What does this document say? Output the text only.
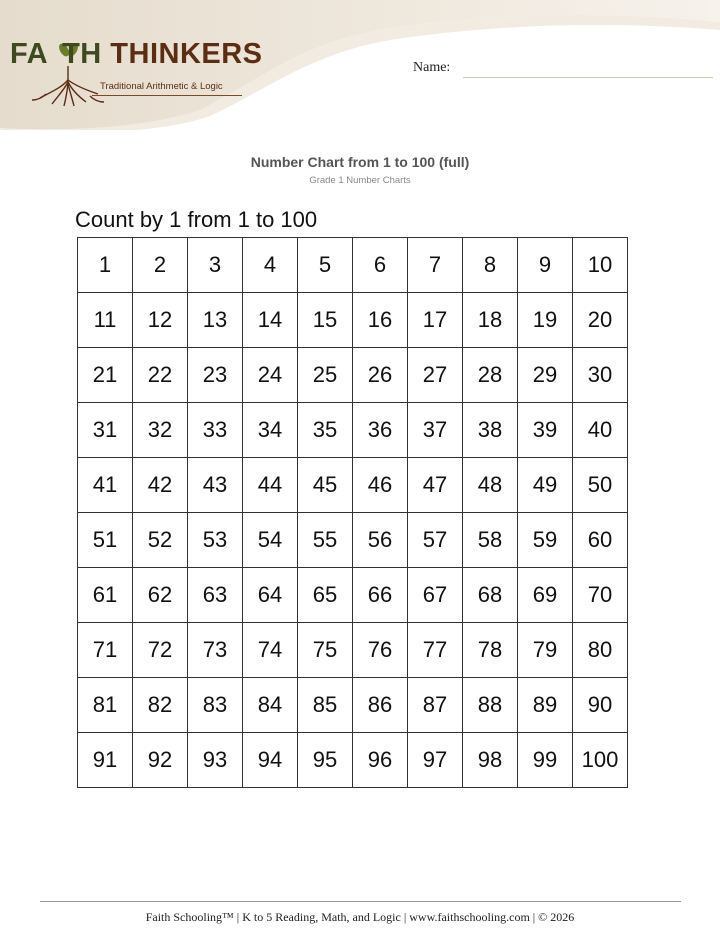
FA TH THINKERS
Traditional Arithmetic & Logic
Name:
Number Chart from 1 to 100 (full)
Grade 1 Number Charts
Count by 1 from 1 to 100
1	2	3	4	5	6	7	8	9	10
11	12	13	14	15	16	17	18	19	20
21	22	23	24	25	26	27	28	29	30
31	32	33	34	35	36	37	38	39	40
41	42	43	44	45	46	47	48	49	50
51	52	53	54	55	56	57	58	59	60
61	62	63	64	65	66	67	68	69	70
71	72	73	74	75	76	77	78	79	80
81	82	83	84	85	86	87	88	89	90
91	92	93	94	95	96	97	98	99	100
Faith Schooling™ | K to 5 Reading, Math, and Logic | www.faithschooling.com | © 2026
